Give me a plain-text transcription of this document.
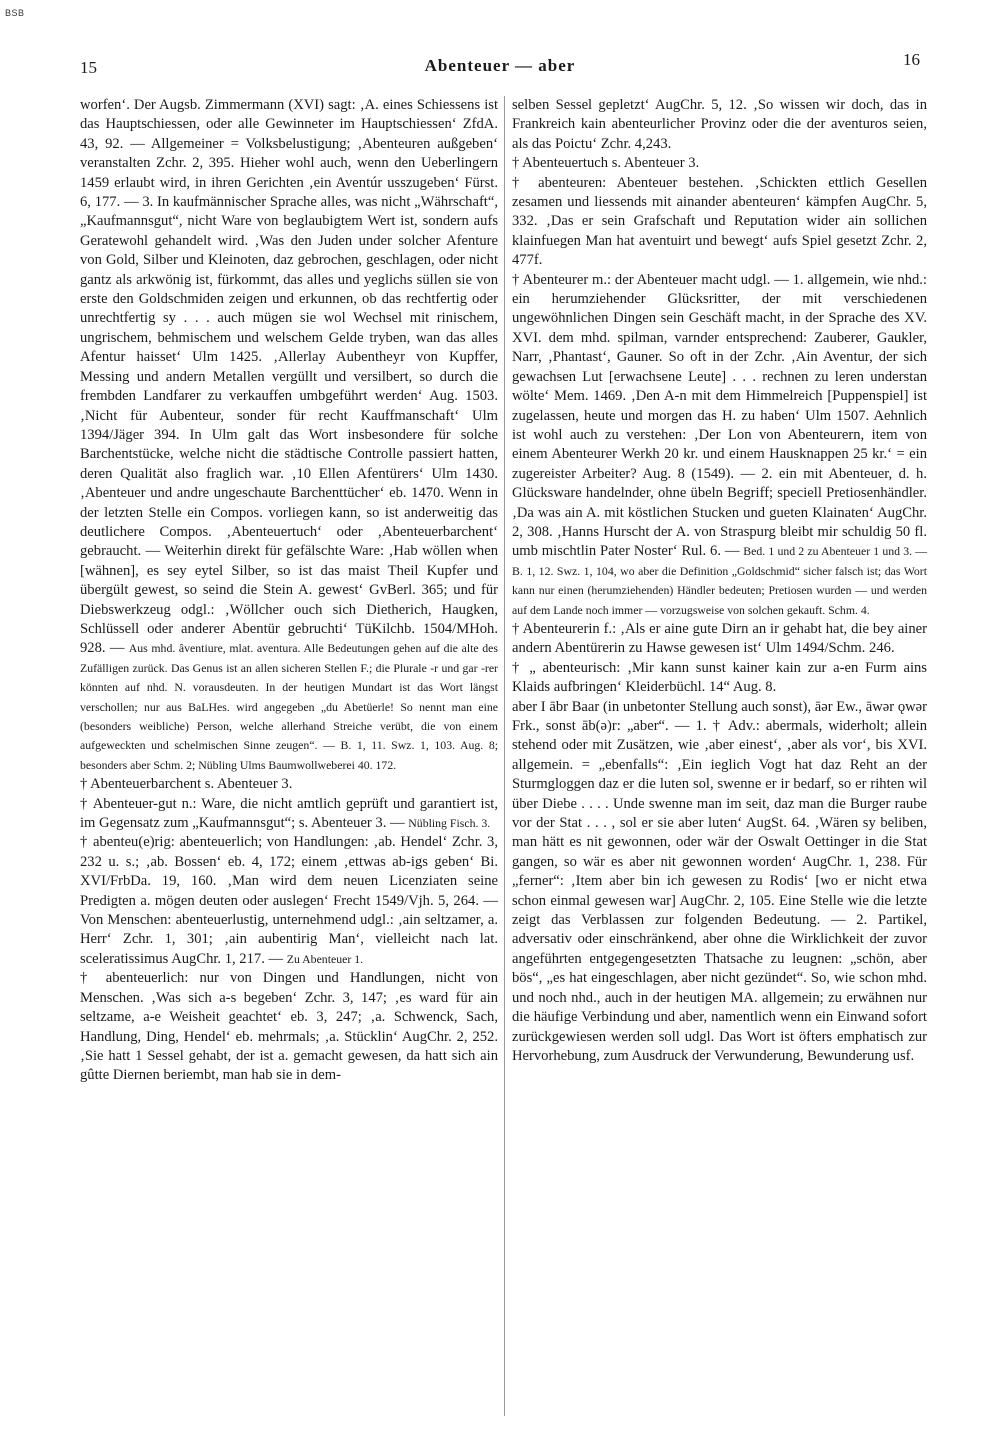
BSB
15	Abenteuer — aber	16

worfen‘. Der Augsb. Zimmermann (XVI) sagt: ‚A. eines Schiessens ist das Hauptschiessen, oder alle Gewinneter im Hauptschiessen‘ ZfdA. 43, 92. — Allgemeiner = Volksbelustigung; ‚Abenteuren außgeben‘ veranstalten Zchr. 2, 395. Hieher wohl auch, wenn den Ueberlingern 1459 erlaubt wird, in ihren Gerichten ‚ein Aventúr usszugeben‘ Fürst. 6, 177. — 3. In kaufmännischer Sprache alles, was nicht „Währschaft“, „Kaufmannsgut“, nicht Ware von beglaubigtem Wert ist, sondern aufs Geratewohl gehandelt wird. ‚Was den Juden under solcher Afenture von Gold, Silber und Kleinoten, daz gebrochen, geschlagen, oder nicht gantz als arkwönig ist, fürkommt, das alles und yeglichs süllen sie von erste den Goldschmiden zeigen und erkunnen, ob das rechtfertig oder unrechtfertig sy . . . auch mügen sie wol Wechsel mit rinischem, ungrischem, behmischem und welschem Gelde tryben, wan das alles Afentur haisset‘ Ulm 1425. ‚Allerlay Aubentheyr von Kupffer, Messing und andern Metallen vergüllt und versilbert, so durch die frembden Landfarer zu verkauffen umbgeführt werden‘ Aug. 1503. ‚Nicht für Aubenteur, sonder für recht Kauffmanschaft‘ Ulm 1394/Jäger 394. In Ulm galt das Wort insbesondere für solche Barchentstücke, welche nicht die städtische Controlle passiert hatten, deren Qualität also fraglich war. ‚10 Ellen Afentürers‘ Ulm 1430. ‚Abenteuer und andre ungeschaute Barchenttücher‘ eb. 1470. Wenn in der letzten Stelle ein Compos. vorliegen kann, so ist anderweitig das deutlichere Compos. ‚Abenteuertuch‘ oder ‚Abenteuerbarchent‘ gebraucht. — Weiterhin direkt für gefälschte Ware: ‚Hab wöllen when [wähnen], es sey eytel Silber, so ist das maist Theil Kupfer und übergült gewest, so seind die Stein A. gewest‘ GvBerl. 365; und für Diebswerkzeug odgl.: ‚Wöllcher ouch sich Dietherich, Haugken, Schlüssell oder anderer Abentür gebruchti‘ TüKilchb. 1504/MHoh. 928. — Aus mhd. âventiure, mlat. aventura. Alle Bedeutungen gehen auf die alte des Zufälligen zurück. Das Genus ist an allen sicheren Stellen F.; die Plurale -r und gar -rer könnten auf nhd. N. vorausdeuten. In der heutigen Mundart ist das Wort längst verschollen; nur aus BaLHes. wird angegeben „du Abetüerle! So nennt man eine (besonders weibliche) Person, welche allerhand Streiche verübt, die von einem aufgeweckten und schelmischen Sinne zeugen“. — B. 1, 11. Swz. 1, 103. Aug. 8; besonders aber Schm. 2; Nübling Ulms Baumwollweberei 40. 172.

† Abenteuerbarchent s. Abenteuer 3.

† Abenteuer-gut n.: Ware, die nicht amtlich geprüft und garantiert ist, im Gegensatz zum „Kaufmannsgut“; s. Abenteuer 3. — Nübling Fisch. 3.

† abenteu(e)rig: abenteuerlich; von Handlungen: ‚ab. Hendel‘ Zchr. 3, 232 u. s.; ‚ab. Bossen‘ eb. 4, 172; einem ‚ettwas ab-igs geben‘ Bi. XVI/FrbDa. 19, 160. ‚Man wird dem neuen Licenziaten seine Predigten a. mögen deuten oder auslegen‘ Frecht 1549/Vjh. 5, 264. — Von Menschen: abenteuerlustig, unternehmend udgl.: ‚ain seltzamer, a. Herr‘ Zchr. 1, 301; ‚ain aubentirig Man‘, vielleicht nach lat. sceleratissimus AugChr. 1, 217. — Zu Abenteuer 1.

† abenteuerlich: nur von Dingen und Handlungen, nicht von Menschen. ‚Was sich a-s begeben‘ Zchr. 3, 147; ‚es ward für ain seltzame, a-e Weisheit geachtet‘ eb. 3, 247; ‚a. Schwenck, Sach, Handlung, Ding, Hendel‘ eb. mehrmals; ‚a. Stücklin‘ AugChr. 2, 252. ‚Sie hatt 1 Sessel gehabt, der ist a. gemacht gewesen, da hatt sich ain gûtte Diernen beriembt, man hab sie in dem-

selben Sessel gepletzt‘ AugChr. 5, 12. ‚So wissen wir doch, das in Frankreich kain abenteurlicher Provinz oder die der aventuros seien, als das Poictu‘ Zchr. 4,243.

† Abenteuertuch s. Abenteuer 3.

† abenteuren: Abenteuer bestehen. ‚Schickten ettlich Gesellen zesamen und liessends mit ainander abenteuren‘ kämpfen AugChr. 5, 332. ‚Das er sein Grafschaft und Reputation wider ain sollichen klainfuegen Man hat aventuirt und bewegt‘ aufs Spiel gesetzt Zchr. 2, 477f.

† Abenteurer m.: der Abenteuer macht udgl. — 1. allgemein, wie nhd.: ein herumziehender Glücksritter, der mit verschiedenen ungewöhnlichen Dingen sein Geschäft macht, in der Sprache des XV. XVI. dem mhd. spilman, varnder entsprechend: Zauberer, Gaukler, Narr, ‚Phantast‘, Gauner. So oft in der Zchr. ‚Ain Aventur, der sich gewachsen Lut [erwachsene Leute] . . . rechnen zu leren understan wölte‘ Mem. 1469. ‚Den A-n mit dem Himmelreich [Puppenspiel] ist zugelassen, heute und morgen das H. zu haben‘ Ulm 1507. Aehnlich ist wohl auch zu verstehen: ‚Der Lon von Abenteurern, item von einem Abenteurer Werkh 20 kr. und einem Hausknappen 25 kr.‘ = ein zugereister Arbeiter? Aug. 8 (1549). — 2. ein mit Abenteuer, d. h. Glücksware handelnder, ohne übeln Begriff; speciell Pretiosenhändler. ‚Da was ain A. mit köstlichen Stucken und gueten Klainaten‘ AugChr. 2, 308. ‚Hanns Hurscht der A. von Straspurg bleibt mir schuldig 50 fl. umb mischtlin Pater Noster‘ Rul. 6. — Bed. 1 und 2 zu Abenteuer 1 und 3. — B. 1, 12. Swz. 1, 104, wo aber die Definition „Goldschmid“ sicher falsch ist; das Wort kann nur einen (herumziehenden) Händler bedeuten; Pretiosen wurden — und werden auf dem Lande noch immer — vorzugsweise von solchen gekauft. Schm. 4.

† Abenteurerin f.: ‚Als er aine gute Dirn an ir gehabt hat, die bey ainer andern Abentürerin zu Hawse gewesen ist‘ Ulm 1494/Schm. 246.

† „ abenteurisch: ‚Mir kann sunst kainer kain zur a-en Furm ains Klaids aufbringen‘ Kleiderbüchl. 14“ Aug. 8.

aber I ābr Baar (in unbetonter Stellung auch sonst), āər Ew., āwər ǫwər Frk., sonst āb(ə)r: „aber“. — 1. † Adv.: abermals, widerholt; allein stehend oder mit Zusätzen, wie ‚aber einest‘, ‚aber als vor‘, bis XVI. allgemein. = „ebenfalls“: ‚Ein ieglich Vogt hat daz Reht an der Sturmgloggen daz er die luten sol, swenne er ir bedarf, so er rihten wil über Diebe . . . . Unde swenne man im seit, daz man die Burger raube vor der Stat . . . , sol er sie aber luten‘ AugSt. 64. ‚Wären sy beliben, man hätt es nit gewonnen, oder wär der Oswalt Oettinger in die Stat gangen, so wär es aber nit gewonnen worden‘ AugChr. 1, 238. Für „ferner“: ‚Item aber bin ich gewesen zu Rodis‘ [wo er nicht etwa schon einmal gewesen war] AugChr. 2, 105. Eine Stelle wie die letzte zeigt das Verblassen zur folgenden Bedeutung. — 2. Partikel, adversativ oder einschränkend, aber ohne die Wirklichkeit der zuvor angeführten entgegengesetzten Thatsache zu leugnen: „schön, aber bös“, „es hat eingeschlagen, aber nicht gezündet“. So, wie schon mhd. und noch nhd., auch in der heutigen MA. allgemein; zu erwähnen nur die häufige Verbindung und aber, namentlich wenn ein Einwand sofort zurückgewiesen werden soll udgl. Das Wort ist öfters emphatisch zur Hervorhebung, zum Ausdruck der Verwunderung, Bewunderung usf.
